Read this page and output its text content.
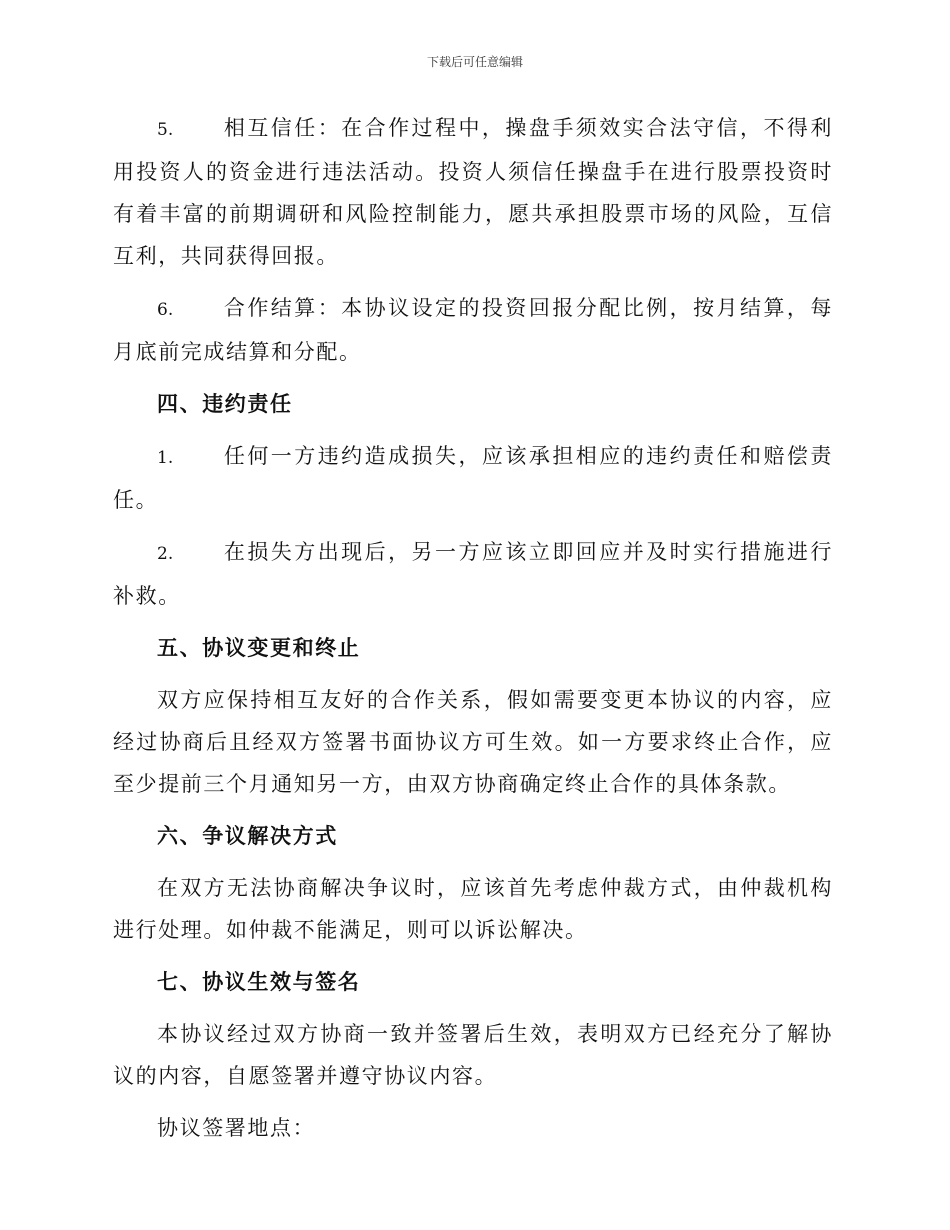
下载后可任意编辑

5. 相互信任：在合作过程中，操盘手须效实合法守信，不得利用投资人的资金进行违法活动。投资人须信任操盘手在进行股票投资时有着丰富的前期调研和风险控制能力，愿共承担股票市场的风险，互信互利，共同获得回报。

6. 合作结算：本协议设定的投资回报分配比例，按月结算，每月底前完成结算和分配。

四、违约责任

1. 任何一方违约造成损失，应该承担相应的违约责任和赔偿责任。

2. 在损失方出现后，另一方应该立即回应并及时实行措施进行补救。

五、协议变更和终止

双方应保持相互友好的合作关系，假如需要变更本协议的内容，应经过协商后且经双方签署书面协议方可生效。如一方要求终止合作，应至少提前三个月通知另一方，由双方协商确定终止合作的具体条款。

六、争议解决方式

在双方无法协商解决争议时，应该首先考虑仲裁方式，由仲裁机构进行处理。如仲裁不能满足，则可以诉讼解决。

七、协议生效与签名

本协议经过双方协商一致并签署后生效，表明双方已经充分了解协议的内容，自愿签署并遵守协议内容。

协议签署地点：
